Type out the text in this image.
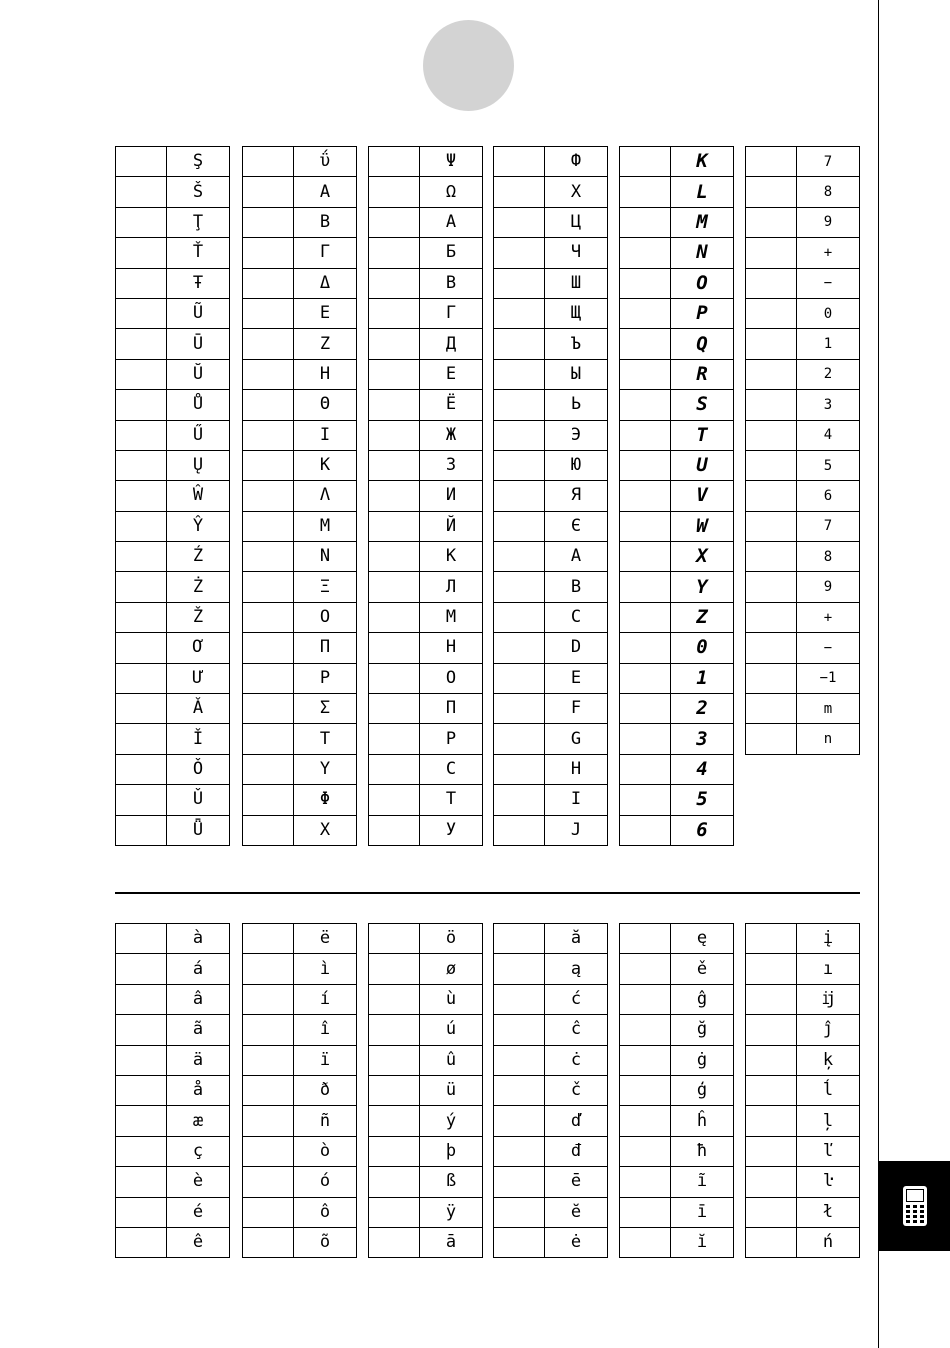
	Ş
	Š
	Ţ
	Ť
	Ŧ
	Ũ
	Ū
	Ŭ
	Ů
	Ű
	Ų
	Ŵ
	Ŷ
	Ź
	Ż
	Ž
	Ơ
	Ư
	Ǎ
	Ǐ
	Ǒ
	Ǔ
	Ǖ
	ΰ
	Α
	Β
	Γ
	Δ
	Ε
	Ζ
	Η
	Θ
	Ι
	Κ
	Λ
	Μ
	Ν
	Ξ
	Ο
	Π
	Ρ
	Σ
	Τ
	Υ
	Φ
	Χ
	Ψ
	Ω
	А
	Б
	В
	Г
	Д
	Е
	Ё
	Ж
	З
	И
	Й
	К
	Л
	М
	Н
	О
	П
	Р
	С
	Т
	У
	Ф
	Х
	Ц
	Ч
	Ш
	Щ
	Ъ
	Ы
	Ь
	Э
	Ю
	Я
	Є
	A
	B
	C
	D
	E
	F
	G
	H
	I
	J
	K
	L
	M
	N
	O
	P
	Q
	R
	S
	T
	U
	V
	W
	X
	Y
	Z
	0
	1
	2
	3
	4
	5
	6
	7
	8
	9
	+
	−
	0
	1
	2
	3
	4
	5
	6
	7
	8
	9
	+
	−
	−1
	m
	n
	à
	á
	â
	ã
	ä
	å
	æ
	ç
	è
	é
	ê
	ë
	ì
	í
	î
	ï
	ð
	ñ
	ò
	ó
	ô
	õ
	ö
	ø
	ù
	ú
	û
	ü
	ý
	þ
	ß
	ÿ
	ā
	ă
	ą
	ć
	ĉ
	ċ
	č
	ď
	đ
	ē
	ĕ
	ė
	ę
	ě
	ĝ
	ğ
	ġ
	ģ
	ĥ
	ħ
	ĩ
	ī
	ĭ
	į
	ı
	ĳ
	ĵ
	ķ
	ĺ
	ļ
	ľ
	ŀ
	ł
	ń
